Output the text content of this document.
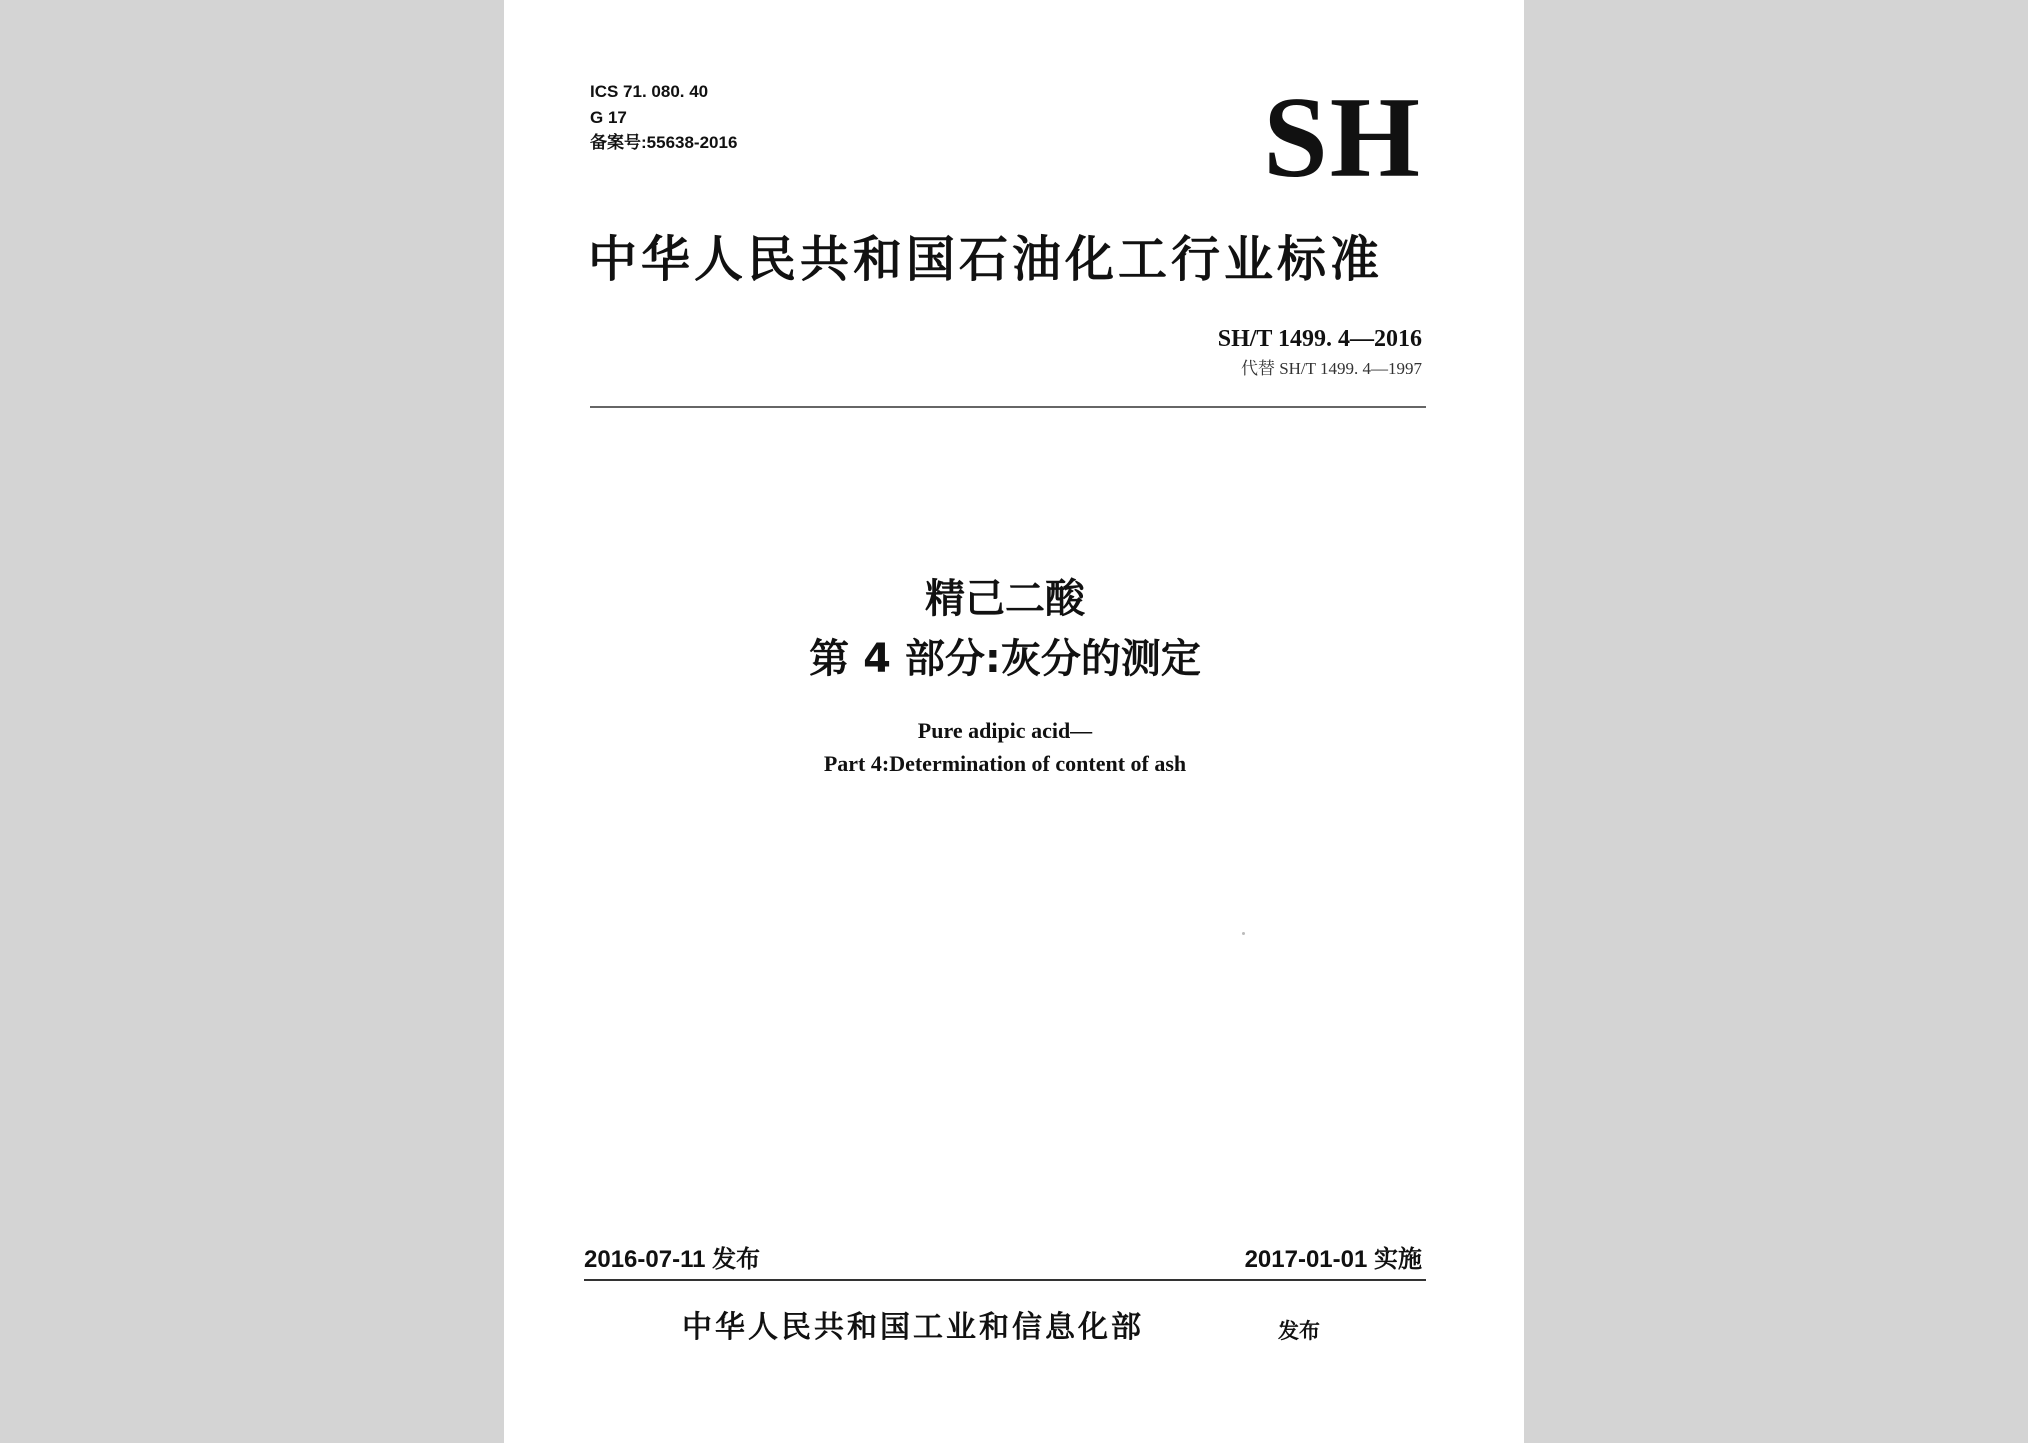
ICS 71. 080. 40
G 17
备案号:55638-2016	SH
中华人民共和国石油化工行业标准
SH/T 1499. 4—2016
代替 SH/T 1499. 4—1997
精己二酸
第 4 部分:灰分的测定
Pure adipic acid—
Part 4:Determination of content of ash
2016-07-11 发布	2017-01-01 实施
中华人民共和国工业和信息化部	发布
